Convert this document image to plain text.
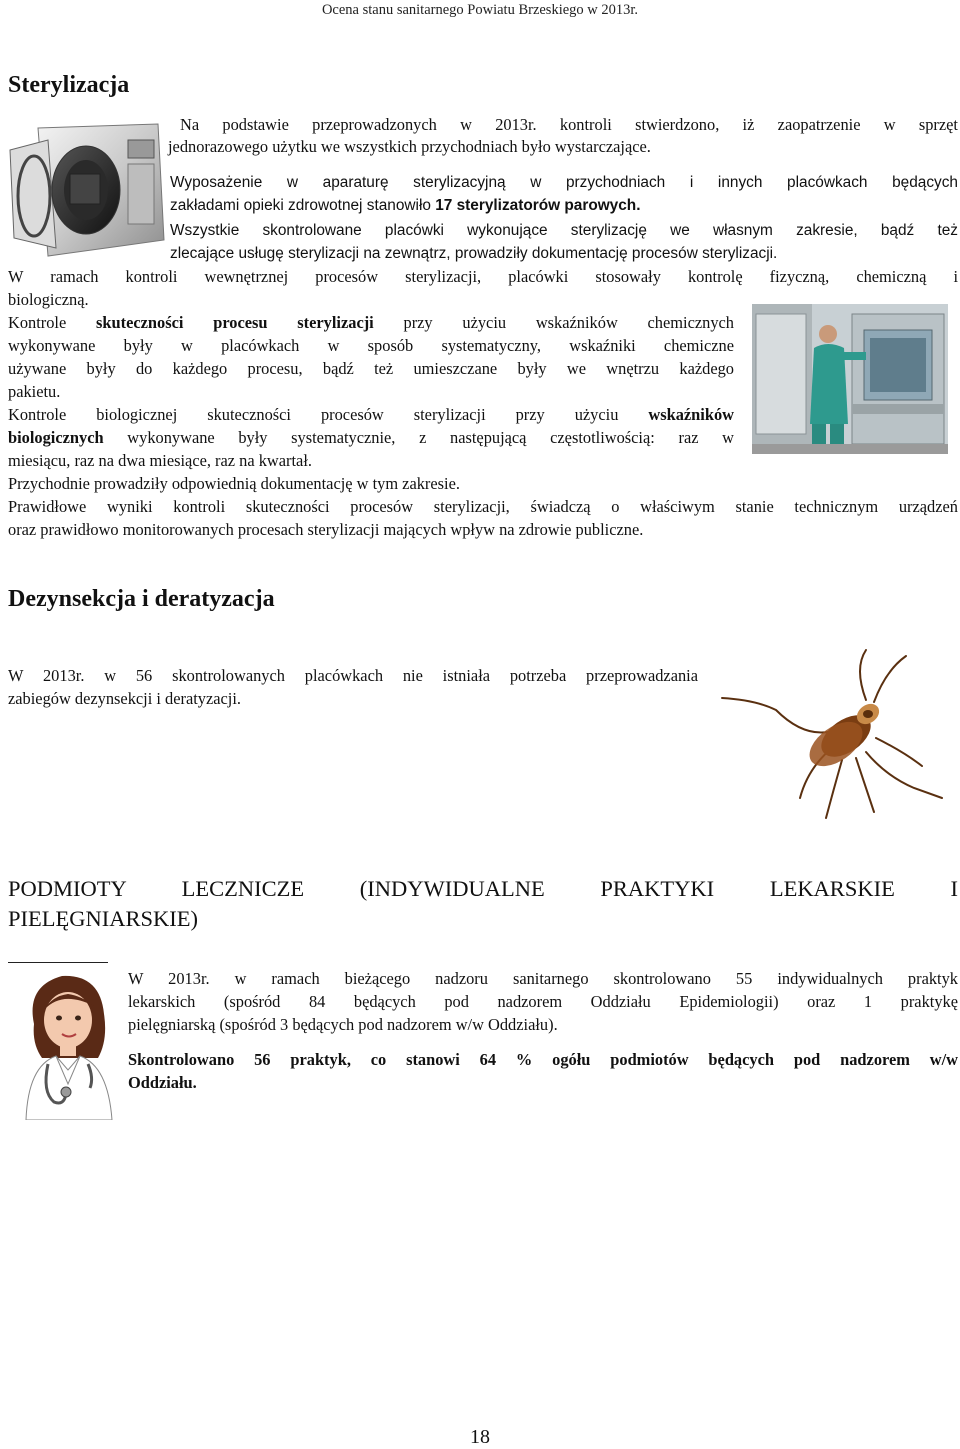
Ocena stanu sanitarnego Powiatu Brzeskiego w 2013r.
Sterylizacja
Na podstawie przeprowadzonych w 2013r. kontroli stwierdzono, iż zaopatrzenie w sprzęt
jednorazowego użytku we wszystkich przychodniach było wystarczające.
Wyposażenie w aparaturę sterylizacyjną w przychodniach i innych placówkach będących
zakładami opieki zdrowotnej stanowiło 17 sterylizatorów parowych.
Wszystkie skontrolowane placówki wykonujące sterylizację we własnym zakresie, bądź też
zlecające usługę sterylizacji na zewnątrz, prowadziły dokumentację procesów sterylizacji.
W ramach kontroli wewnętrznej procesów sterylizacji, placówki stosowały kontrolę fizyczną, chemiczną i
biologiczną.
Kontrole skuteczności procesu sterylizacji przy użyciu wskaźników chemicznych
wykonywane były w placówkach w sposób systematyczny, wskaźniki chemiczne
używane były do każdego procesu, bądź też umieszczane były we wnętrzu każdego
pakietu.
Kontrole biologicznej skuteczności procesów sterylizacji przy użyciu wskaźników
biologicznych wykonywane były systematycznie, z następującą częstotliwością: raz w
miesiącu, raz na dwa miesiące, raz na kwartał.
Przychodnie prowadziły odpowiednią dokumentację w tym zakresie.
Prawidłowe wyniki kontroli skuteczności procesów sterylizacji, świadczą o właściwym stanie technicznym urządzeń
oraz prawidłowo monitorowanych procesach sterylizacji mających wpływ na zdrowie publiczne.
Dezynsekcja i deratyzacja
W 2013r. w 56 skontrolowanych placówkach nie istniała potrzeba przeprowadzania
zabiegów dezynsekcji i deratyzacji.
PODMIOTY LECZNICZE (INDYWIDUALNE PRAKTYKI LEKARSKIE I
PIELĘGNIARSKIE)
W 2013r. w ramach bieżącego nadzoru sanitarnego skontrolowano 55 indywidualnych praktyk
lekarskich (spośród 84 będących pod nadzorem Oddziału Epidemiologii) oraz 1 praktykę
pielęgniarską (spośród 3 będących pod nadzorem w/w Oddziału).
Skontrolowano 56 praktyk, co stanowi 64 % ogółu podmiotów będących pod nadzorem w/w
Oddziału.
18
